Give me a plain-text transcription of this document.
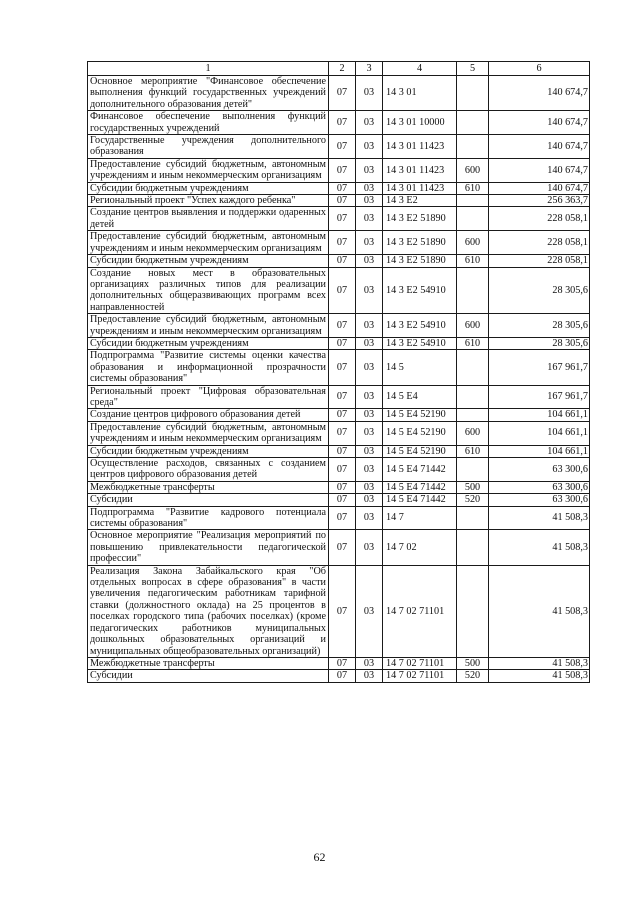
1	2	3	4	5	6
Основное мероприятие "Финансовое обеспечение выполнения функций государственных учреждений дополнительного образования детей"	07	03	14 3 01		140 674,7
Финансовое обеспечение выполнения функций государственных учреждений	07	03	14 3 01 10000		140 674,7
Государственные учреждения дополнительного образования	07	03	14 3 01 11423		140 674,7
Предоставление субсидий бюджетным, автономным учреждениям и иным некоммерческим организациям	07	03	14 3 01 11423	600	140 674,7
Субсидии бюджетным учреждениям	07	03	14 3 01 11423	610	140 674,7
Региональный проект "Успех каждого ребенка"	07	03	14 3 E2		256 363,7
Создание центров выявления и поддержки одаренных детей	07	03	14 3 E2 51890		228 058,1
Предоставление субсидий бюджетным, автономным учреждениям и иным некоммерческим организациям	07	03	14 3 E2 51890	600	228 058,1
Субсидии бюджетным учреждениям	07	03	14 3 E2 51890	610	228 058,1
Создание новых мест в образовательных организациях различных типов для реализации дополнительных общеразвивающих программ всех направленностей	07	03	14 3 E2 54910		28 305,6
Предоставление субсидий бюджетным, автономным учреждениям и иным некоммерческим организациям	07	03	14 3 E2 54910	600	28 305,6
Субсидии бюджетным учреждениям	07	03	14 3 E2 54910	610	28 305,6
Подпрограмма "Развитие системы оценки качества образования и информационной прозрачности системы образования"	07	03	14 5		167 961,7
Региональный проект "Цифровая образовательная среда"	07	03	14 5 E4		167 961,7
Создание центров цифрового образования детей	07	03	14 5 E4 52190		104 661,1
Предоставление субсидий бюджетным, автономным учреждениям и иным некоммерческим организациям	07	03	14 5 E4 52190	600	104 661,1
Субсидии бюджетным учреждениям	07	03	14 5 E4 52190	610	104 661,1
Осуществление расходов, связанных с созданием центров цифрового образования детей	07	03	14 5 E4 71442		63 300,6
Межбюджетные трансферты	07	03	14 5 E4 71442	500	63 300,6
Субсидии	07	03	14 5 E4 71442	520	63 300,6
Подпрограмма "Развитие кадрового потенциала системы образования"	07	03	14 7		41 508,3
Основное мероприятие "Реализация мероприятий по повышению привлекательности педагогической профессии"	07	03	14 7 02		41 508,3
Реализация Закона Забайкальского края "Об отдельных вопросах в сфере образования" в части увеличения педагогическим работникам тарифной ставки (должностного оклада) на 25 процентов в поселках городского типа (рабочих поселках) (кроме педагогических работников муниципальных дошкольных образовательных организаций и муниципальных общеобразовательных организаций)	07	03	14 7 02 71101		41 508,3
Межбюджетные трансферты	07	03	14 7 02 71101	500	41 508,3
Субсидии	07	03	14 7 02 71101	520	41 508,3
62
